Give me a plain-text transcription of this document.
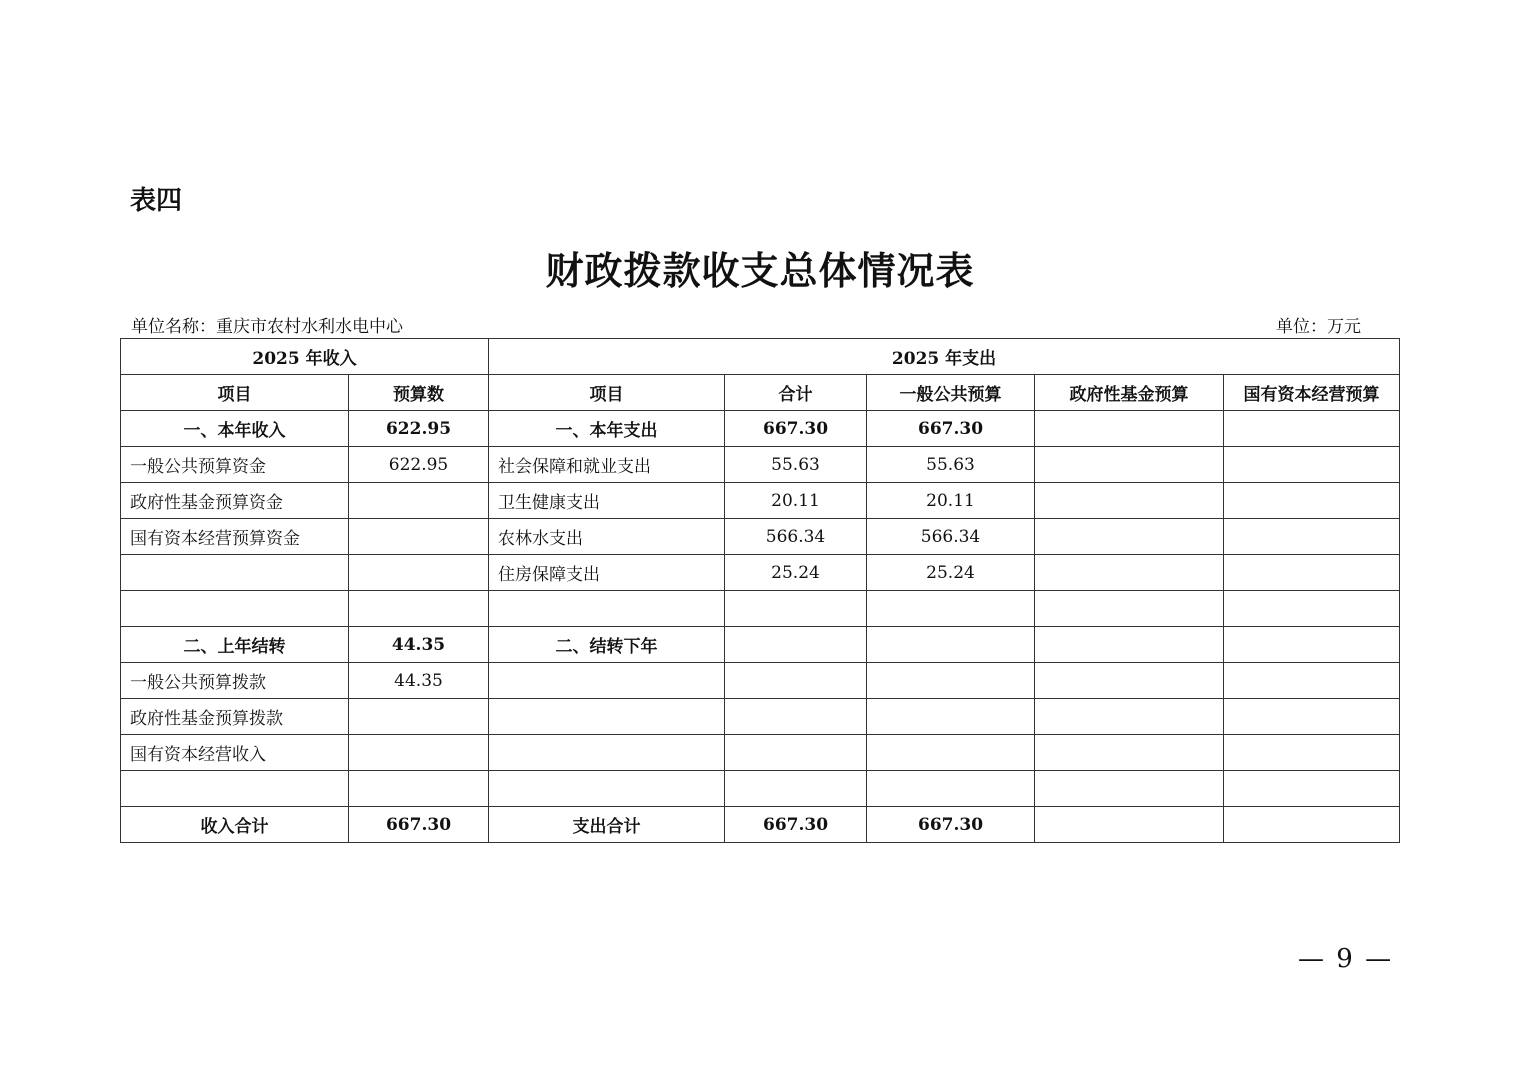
表四
财政拨款收支总体情况表
单位名称：重庆市农村水利水电中心	单位：万元
2025 年收入		2025 年支出				
项目	预算数	项目	合计	一般公共预算	政府性基金预算	国有资本经营预算
一、本年收入	622.95	一、本年支出	667.30	667.30		
一般公共预算资金	622.95	社会保障和就业支出	55.63	55.63		
政府性基金预算资金		卫生健康支出	20.11	20.11		
国有资本经营预算资金		农林水支出	566.34	566.34		
		住房保障支出	25.24	25.24		

二、上年结转	44.35	二、结转下年				
一般公共预算拨款	44.35					
政府性基金预算拨款						
国有资本经营收入						

收入合计	667.30	支出合计	667.30	667.30		
— 9 —
